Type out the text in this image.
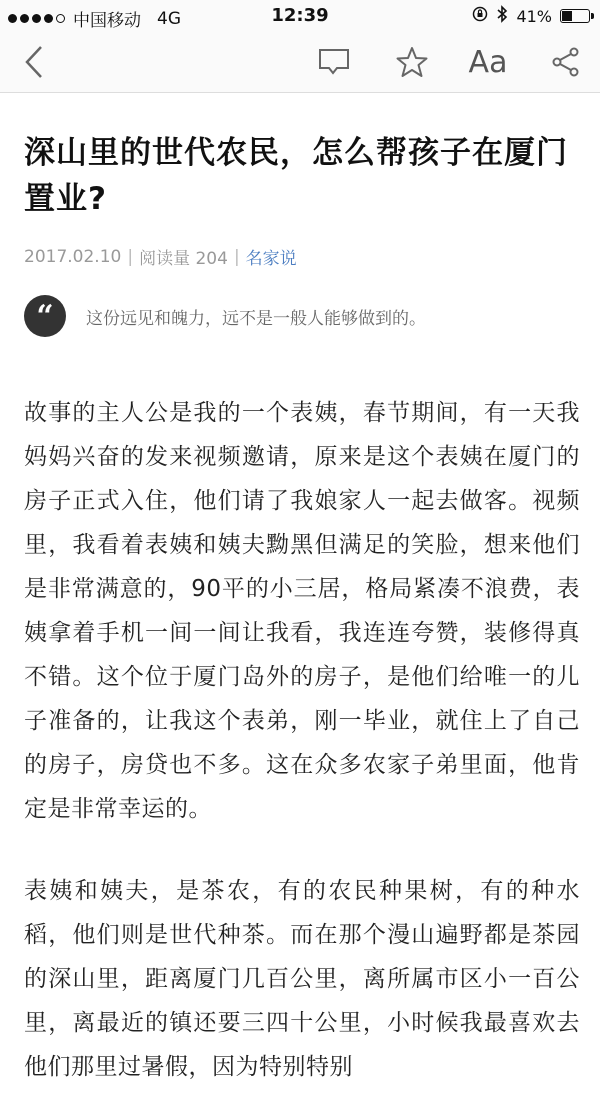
中国移动 4G	12:39	41%
Aa
深山里的世代农民，怎么帮孩子在厦门置业?
2017.02.10 | 阅读量 204 | 名家说
“	这份远见和魄力，远不是一般人能够做到的。

故事的主人公是我的一个表姨，春节期间，有一天我妈妈兴奋的发来视频邀请，原来是这个表姨在厦门的房子正式入住，他们请了我娘家人一起去做客。视频里，我看着表姨和姨夫黝黑但满足的笑脸，想来他们是非常满意的，90平的小三居，格局紧凑不浪费，表姨拿着手机一间一间让我看，我连连夸赞，装修得真不错。这个位于厦门岛外的房子，是他们给唯一的儿子准备的，让我这个表弟，刚一毕业，就住上了自己的房子，房贷也不多。这在众多农家子弟里面，他肯定是非常幸运的。

表姨和姨夫，是茶农，有的农民种果树，有的种水稻，他们则是世代种茶。而在那个漫山遍野都是茶园的深山里，距离厦门几百公里，离所属市区小一百公里，离最近的镇还要三四十公里，小时候我最喜欢去他们那里过暑假，因为特别特别
